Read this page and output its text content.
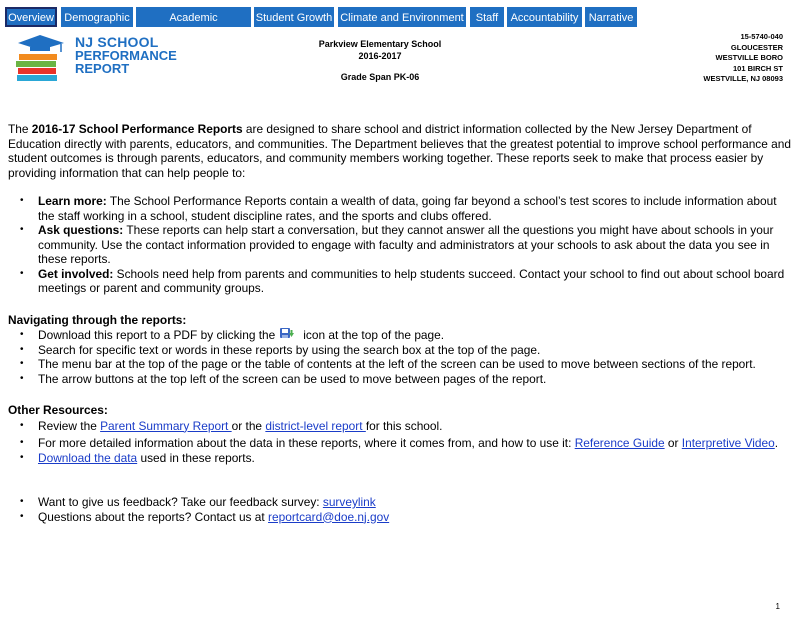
Overview Demographic	Academic Achievement
Student Growth Climate and Environment	Staff	Accountability Narrative
NJ SCHOOL
PERFORMANCE
REPORT
Parkview Elementary School
2016-2017
Grade Span PK-06
15-5740-040
GLOUCESTER
WESTVILLE BORO
101 BIRCH ST
WESTVILLE, NJ 08093

The 2016-17 School Performance Reports are designed to share school and district information collected by the New Jersey Department of Education directly with parents, educators, and communities. The Department believes that the greatest potential to improve school performance and student outcomes is through parents, educators, and community members working together. These reports seek to make that process easier by providing information that can help people to:

• Learn more: The School Performance Reports contain a wealth of data, going far beyond a school’s test scores to include information about the staff working in a school, student discipline rates, and the sports and clubs offered.
• Ask questions: These reports can help start a conversation, but they cannot answer all the questions you might have about schools in your community. Use the contact information provided to engage with faculty and administrators at your schools to ask about the data you see in these reports.
• Get involved: Schools need help from parents and communities to help students succeed. Contact your school to find out about school board meetings or parent and community groups.
Navigating through the reports:
• Download this report to a PDF by clicking the icon at the top of the page.
• Search for specific text or words in these reports by using the search box at the top of the page.
• The menu bar at the top of the page or the table of contents at the left of the screen can be used to move between sections of the report.
• The arrow buttons at the top left of the screen can be used to move between pages of the report.
Other Resources:
• Review the Parent Summary Report or the district-level report for this school.
• For more detailed information about the data in these reports, where it comes from, and how to use it: Reference Guide or Interpretive Video.
• Download the data used in these reports.
• Want to give us feedback? Take our feedback survey: surveylink
• Questions about the reports? Contact us at reportcard@doe.nj.gov
1
